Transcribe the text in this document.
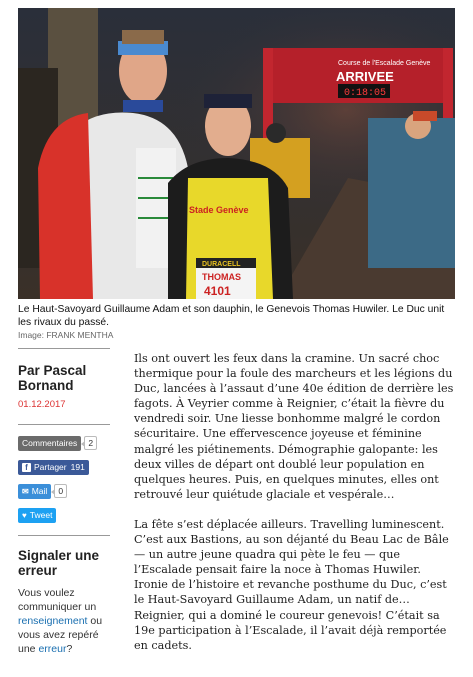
Course de l'Escalade Genève
ARRIVEE
0:18:05
Stade Genève
DURACELL
THOMAS
4101
Le Haut-Savoyard Guillaume Adam et son dauphin, le Genevois Thomas Huwiler. Le Duc unit les rivaux du passé.
Image: FRANK MENTHA
Par Pascal Bornand
01.12.2017
Commentaires	2
f Partager 191
✉ Mail	0
♥ Tweet
Signaler une erreur
Vous voulez communiquer un renseignement ou vous avez repéré une erreur?

Ils ont ouvert les feux dans la cramine. Un sacré choc thermique pour la foule des marcheurs et les légions du Duc, lancées à l’assaut d’une 40e édition de derrière les fagots. À Veyrier comme à Reignier, c’était la fièvre du vendredi soir. Une liesse bonhomme malgré le cordon sécuritaire. Une effervescence joyeuse et féminine malgré les piétinements. Démographie galopante: les deux villes de départ ont doublé leur population en quelques heures. Puis, en quelques minutes, elles ont retrouvé leur quiétude glaciale et vespérale…

La fête s’est déplacée ailleurs. Travelling luminescent. C’est aux Bastions, au son déjanté du Beau Lac de Bâle — un autre jeune quadra qui pète le feu — que l’Escalade pensait faire la noce à Thomas Huwiler. Ironie de l’histoire et revanche posthume du Duc, c’est le Haut-Savoyard Guillaume Adam, un natif de… Reignier, qui a dominé le coureur genevois! C’était sa 19e participation à l’Escalade, il l’avait déjà remportée en cadets.
